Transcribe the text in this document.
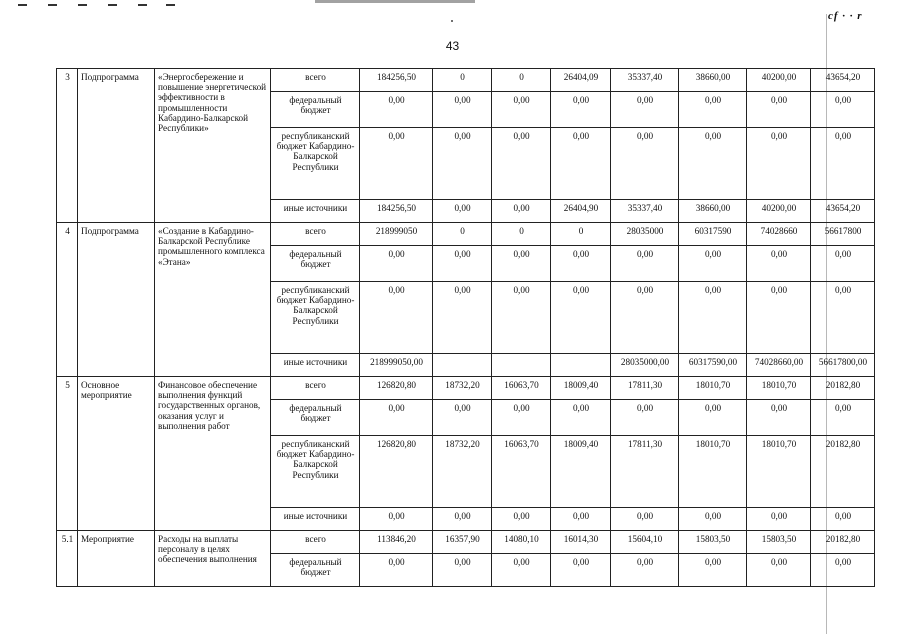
cf · · r
43
3	Подпрограмма	«Энергосбережение и повышение энергетической эффективности в промышленности Кабардино-Балкарской Республики»	всего	184256,50	0	0	26404,09	35337,40	38660,00	40200,00	43654,20
			федеральный бюджет	0,00	0,00	0,00	0,00	0,00	0,00	0,00	0,00
			республиканский бюджет Кабардино-Балкарской Республики	0,00	0,00	0,00	0,00	0,00	0,00	0,00	0,00
			иные источники	184256,50	0,00	0,00	26404,90	35337,40	38660,00	40200,00	43654,20
4	Подпрограмма	«Создание в Кабардино-Балкарской Республике промышленного комплекса «Этана»	всего	218999050	0	0	0	28035000	60317590	74028660	56617800
			федеральный бюджет	0,00	0,00	0,00	0,00	0,00	0,00	0,00	0,00
			республиканский бюджет Кабардино-Балкарской Республики	0,00	0,00	0,00	0,00	0,00	0,00	0,00	0,00
			иные источники	218999050,00				28035000,00	60317590,00	74028660,00	56617800,00
5	Основное мероприятие	Финансовое обеспечение выполнения функций государственных органов, оказания услуг и выполнения работ	всего	126820,80	18732,20	16063,70	18009,40	17811,30	18010,70	18010,70	20182,80
			федеральный бюджет	0,00	0,00	0,00	0,00	0,00	0,00	0,00	0,00
			республиканский бюджет Кабардино-Балкарской Республики	126820,80	18732,20	16063,70	18009,40	17811,30	18010,70	18010,70	20182,80
			иные источники	0,00	0,00	0,00	0,00	0,00	0,00	0,00	0,00
5.1	Мероприятие	Расходы на выплаты персоналу в целях обеспечения выполнения	всего	113846,20	16357,90	14080,10	16014,30	15604,10	15803,50	15803,50	20182,80
			федеральный бюджет	0,00	0,00	0,00	0,00	0,00	0,00	0,00	0,00
